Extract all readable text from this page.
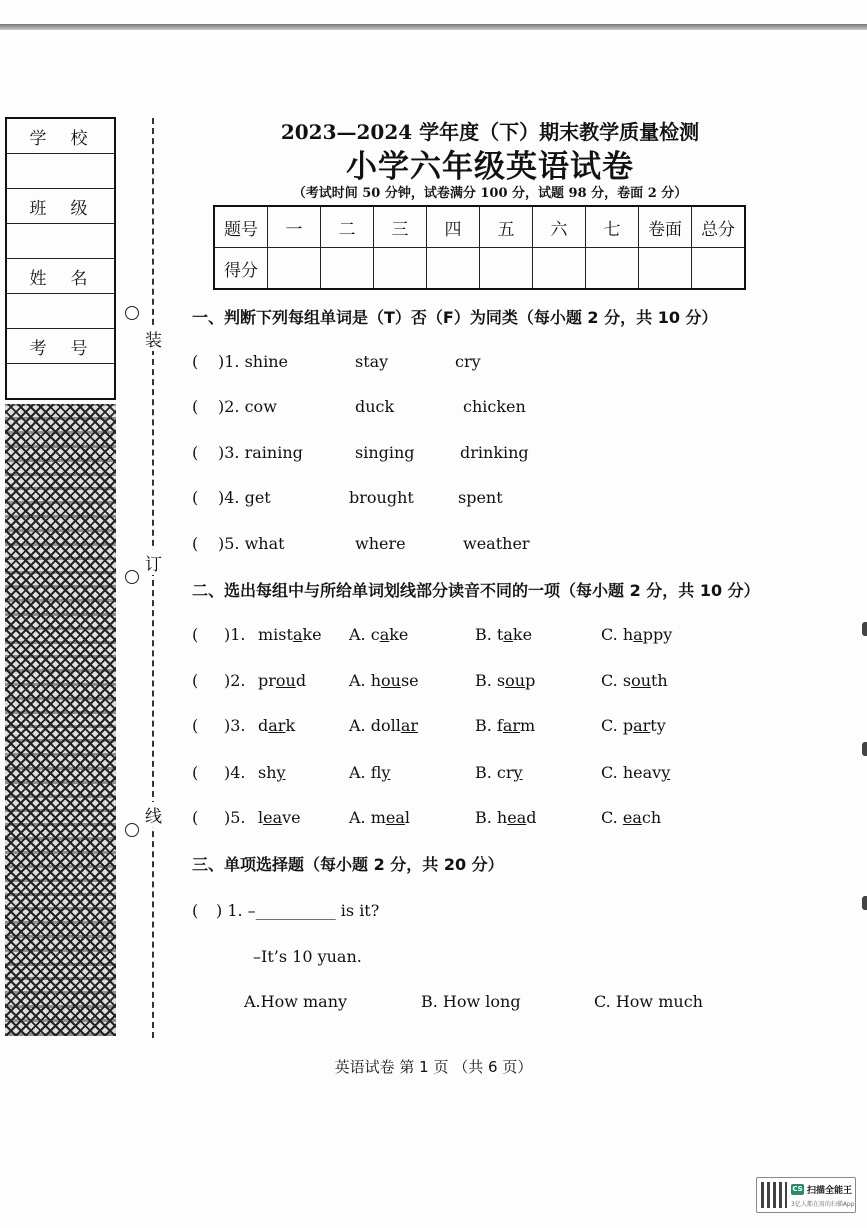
学校
班级
姓名
考号 装
订
线
2023—2024 学年度（下）期末教学质量检测
小学六年级英语试卷
（考试时间 50 分钟，试卷满分 100 分，试题 98 分，卷面 2 分）
题号	一	二	三	四	五	六	七	卷面	总分
得分									
一、判断下列每组单词是（T）否（F）为同类（每小题 2 分，共 10 分）
( )1. shine	stay	cry
( )2. cow	duck	chicken
( )3. raining	singing	drinking
( )4. get	brought	spent
( )5. what	where	weather
二、选出每组中与所给单词划线部分读音不同的一项（每小题 2 分，共 10 分）
( )1. mistake A. cake	B. take	C. happy
( )2. proud	A. house	B. soup	C. south
( )3. dark	A. dollar	B. farm	C. party
( )4. shy	A. fly	B. cry	C. heavy
( )5. leave	A. meal	B. head	C. each
三、单项选择题（每小题 2 分，共 20 分）
( ) 1. –__________ is it?
–It’s 10 yuan.
A.How many	B. How long	C. How much
英语试卷 第 1 页 （共 6 页）
CS 扫描全能王
3亿人都在用的扫描App
